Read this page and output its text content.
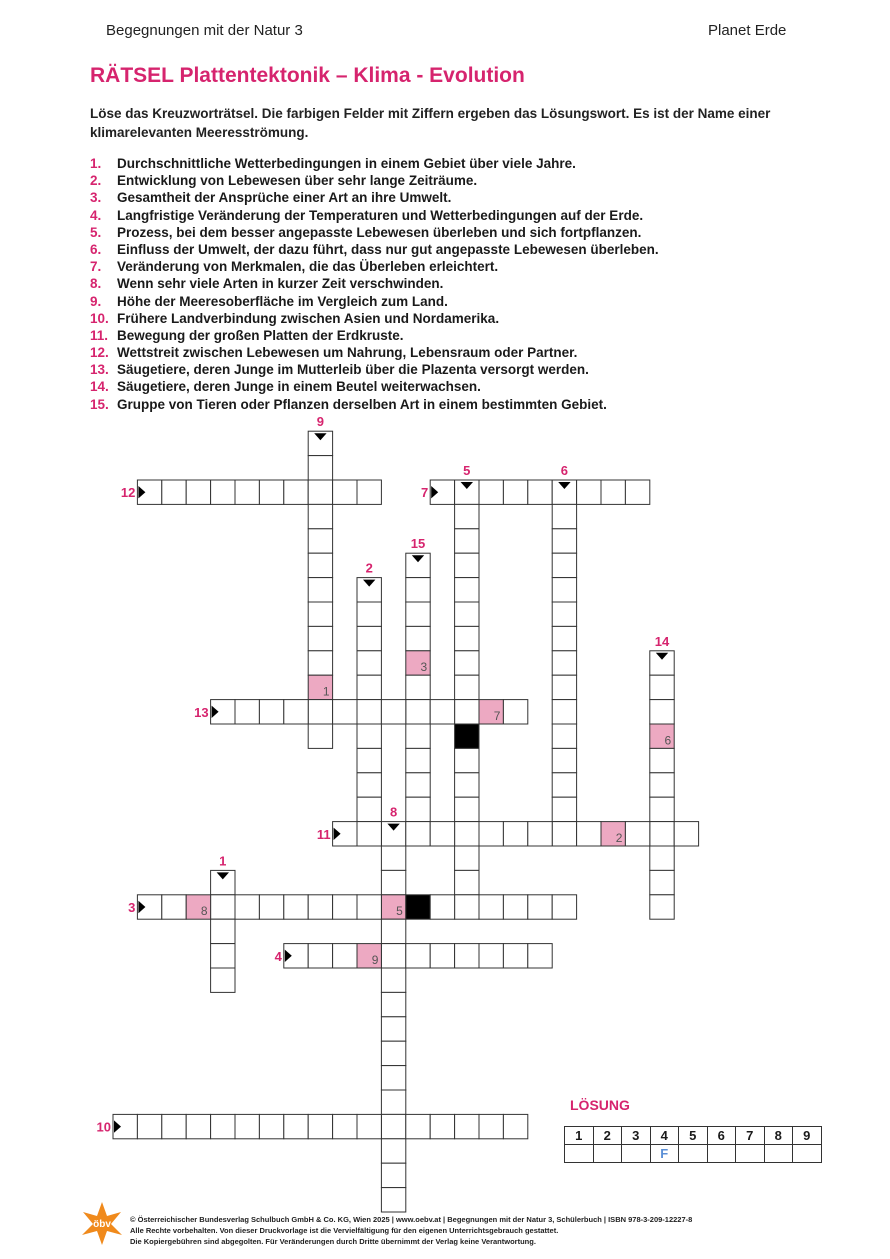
Begegnungen mit der Natur 3	Planet Erde
RÄTSEL Plattentektonik – Klima - Evolution
Löse das Kreuzworträtsel. Die farbigen Felder mit Ziffern ergeben das Lösungswort. Es ist der Name einer klimarelevanten Meeresströmung.
1. Durchschnittliche Wetterbedingungen in einem Gebiet über viele Jahre.
2. Entwicklung von Lebewesen über sehr lange Zeiträume.
3. Gesamtheit der Ansprüche einer Art an ihre Umwelt.
4. Langfristige Veränderung der Temperaturen und Wetterbedingungen auf der Erde.
5. Prozess, bei dem besser angepasste Lebewesen überleben und sich fortpflanzen.
6. Einfluss der Umwelt, der dazu führt, dass nur gut angepasste Lebewesen überleben.
7. Veränderung von Merkmalen, die das Überleben erleichtert.
8. Wenn sehr viele Arten in kurzer Zeit verschwinden.
9. Höhe der Meeresoberfläche im Vergleich zum Land.
10. Frühere Landverbindung zwischen Asien und Nordamerika.
11. Bewegung der großen Platten der Erdkruste.
12. Wettstreit zwischen Lebewesen um Nahrung, Lebensraum oder Partner.
13. Säugetiere, deren Junge im Mutterleib über die Plazenta versorgt werden.
14. Säugetiere, deren Junge in einem Beutel weiterwachsen.
15. Gruppe von Tieren oder Pflanzen derselben Art in einem bestimmten Gebiet.
1
2
3
5
6
7
8
9
12	7
9
5	6
15
2
14
13
8
11
1
3
4
10
LÖSUNG
1	2	3	4	5	6	7	8	9
			F					
öbv	© Österreichischer Bundesverlag Schulbuch GmbH & Co. KG, Wien 2025 | www.oebv.at | Begegnungen mit der Natur 3, Schülerbuch | ISBN 978-3-209-12227-8
Alle Rechte vorbehalten. Von dieser Druckvorlage ist die Vervielfältigung für den eigenen Unterrichtsgebrauch gestattet.
Die Kopiergebühren sind abgegolten. Für Veränderungen durch Dritte übernimmt der Verlag keine Verantwortung.
